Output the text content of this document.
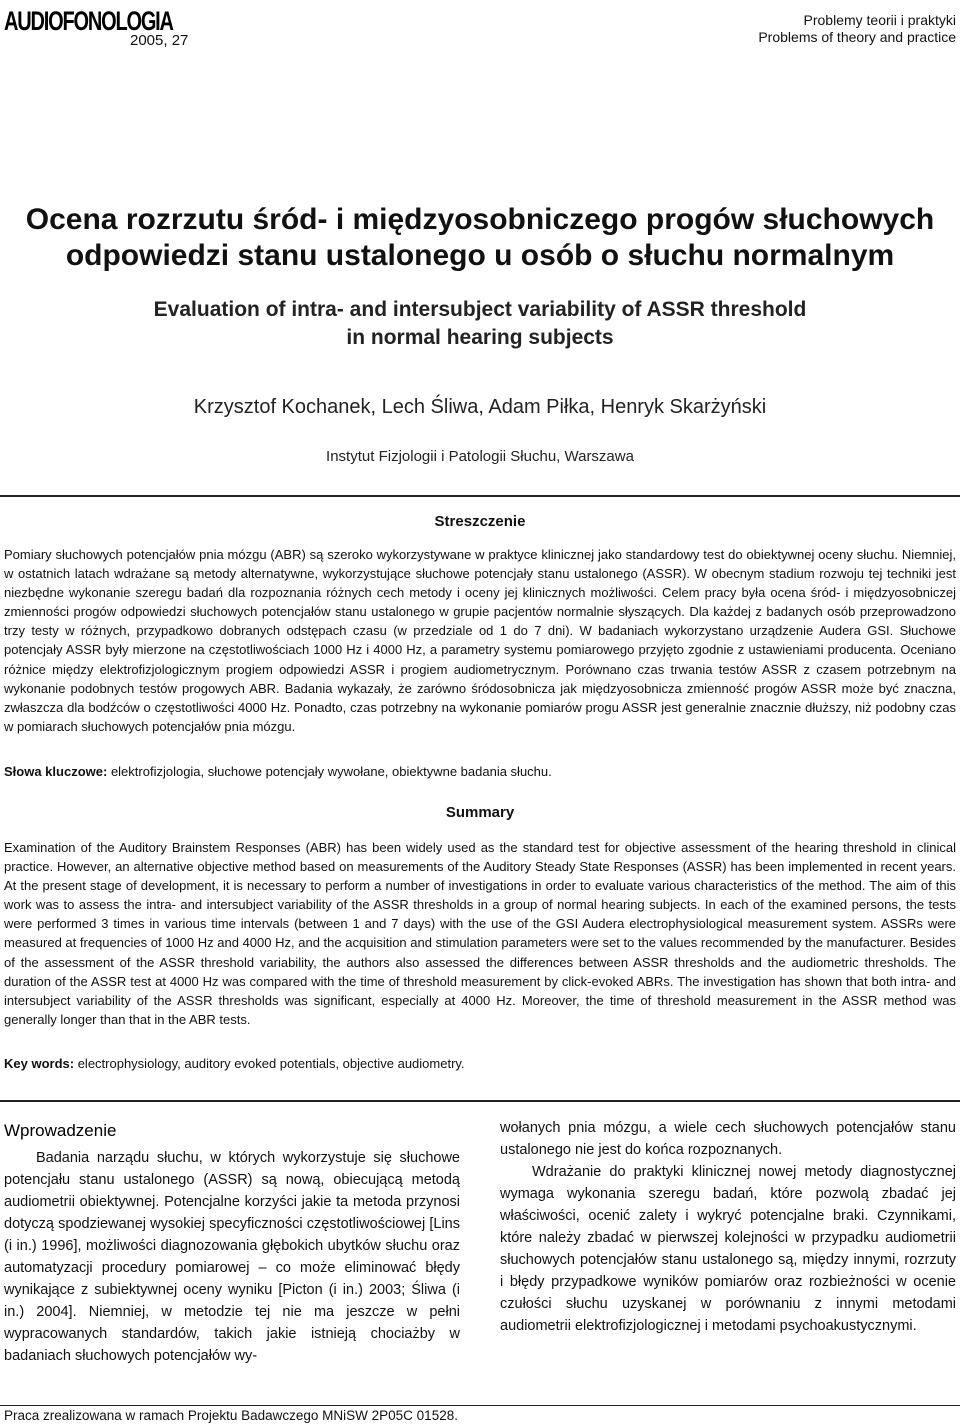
AUDIOFONOLOGIA
2005, 27
Problemy teorii i praktyki
Problems of theory and practice
Ocena rozrzutu śród- i międzyosobniczego progów słuchowych
odpowiedzi stanu ustalonego u osób o słuchu normalnym
Evaluation of intra- and intersubject variability of ASSR threshold
in normal hearing subjects
Krzysztof Kochanek, Lech Śliwa, Adam Piłka, Henryk Skarżyński
Instytut Fizjologii i Patologii Słuchu, Warszawa
Streszczenie
Pomiary słuchowych potencjałów pnia mózgu (ABR) są szeroko wykorzystywane w praktyce klinicznej jako standardowy test do obiektywnej oceny słuchu. Niemniej, w ostatnich latach wdrażane są metody alternatywne, wykorzystujące słuchowe potencjały stanu ustalonego (ASSR). W obecnym stadium rozwoju tej techniki jest niezbędne wykonanie szeregu badań dla rozpoznania różnych cech metody i oceny jej klinicznych możliwości. Celem pracy była ocena śród- i międzyosobniczej zmienności progów odpowiedzi słuchowych potencjałów stanu ustalonego w grupie pacjentów normalnie słyszących. Dla każdej z badanych osób przeprowadzono trzy testy w różnych, przypadkowo dobranych odstępach czasu (w przedziale od 1 do 7 dni). W badaniach wykorzystano urządzenie Audera GSI. Słuchowe potencjały ASSR były mierzone na częstotliwościach 1000 Hz i 4000 Hz, a parametry systemu pomiarowego przyjęto zgodnie z ustawieniami producenta. Oceniano różnice między elektrofizjologicznym progiem odpowiedzi ASSR i progiem audiometrycznym. Porównano czas trwania testów ASSR z czasem potrzebnym na wykonanie podobnych testów progowych ABR. Badania wykazały, że zarówno śródosobnicza jak międzyosobnicza zmienność progów ASSR może być znaczna, zwłaszcza dla bodźców o częstotliwości 4000 Hz. Ponadto, czas potrzebny na wykonanie pomiarów progu ASSR jest generalnie znacznie dłuższy, niż podobny czas w pomiarach słuchowych potencjałów pnia mózgu.
Słowa kluczowe: elektrofizjologia, słuchowe potencjały wywołane, obiektywne badania słuchu.
Summary
Examination of the Auditory Brainstem Responses (ABR) has been widely used as the standard test for objective assessment of the hearing threshold in clinical practice. However, an alternative objective method based on measurements of the Auditory Steady State Responses (ASSR) has been implemented in recent years. At the present stage of development, it is necessary to perform a number of investigations in order to evaluate various characteristics of the method. The aim of this work was to assess the intra- and intersubject variability of the ASSR thresholds in a group of normal hearing subjects. In each of the examined persons, the tests were performed 3 times in various time intervals (between 1 and 7 days) with the use of the GSI Audera electrophysiological measurement system. ASSRs were measured at frequencies of 1000 Hz and 4000 Hz, and the acquisition and stimulation parameters were set to the values recommended by the manufacturer. Besides of the assessment of the ASSR threshold variability, the authors also assessed the differences between ASSR thresholds and the audiometric thresholds. The duration of the ASSR test at 4000 Hz was compared with the time of threshold measurement by click-evoked ABRs. The investigation has shown that both intra- and intersubject variability of the ASSR thresholds was significant, especially at 4000 Hz. Moreover, the time of threshold measurement in the ASSR method was generally longer than that in the ABR tests.
Key words: electrophysiology, auditory evoked potentials, objective audiometry.
Wprowadzenie

Badania narządu słuchu, w których wykorzystuje się słuchowe potencjału stanu ustalonego (ASSR) są nową, obiecującą metodą audiometrii obiektywnej. Potencjalne korzyści jakie ta metoda przynosi dotyczą spodziewanej wysokiej specyficzności częstotliwościowej [Lins (i in.) 1996], możliwości diagnozowania głębokich ubytków słuchu oraz automatyzacji procedury pomiarowej – co może eliminować błędy wynikające z subiektywnej oceny wyniku [Picton (i in.) 2003; Śliwa (i in.) 2004]. Niemniej, w metodzie tej nie ma jeszcze w pełni wypracowanych standardów, takich jakie istnieją chociażby w badaniach słuchowych potencjałów wy-

wołanych pnia mózgu, a wiele cech słuchowych potencjałów stanu ustalonego nie jest do końca rozpoznanych.

Wdrażanie do praktyki klinicznej nowej metody diagnostycznej wymaga wykonania szeregu badań, które pozwolą zbadać jej właściwości, ocenić zalety i wykryć potencjalne braki. Czynnikami, które należy zbadać w pierwszej kolejności w przypadku audiometrii słuchowych potencjałów stanu ustalonego są, między innymi, rozrzuty i błędy przypadkowe wyników pomiarów oraz rozbieżności w ocenie czułości słuchu uzyskanej w porównaniu z innymi metodami audiometrii elektrofizjologicznej i metodami psychoakustycznymi.

Praca zrealizowana w ramach Projektu Badawczego MNiSW 2P05C 01528.
